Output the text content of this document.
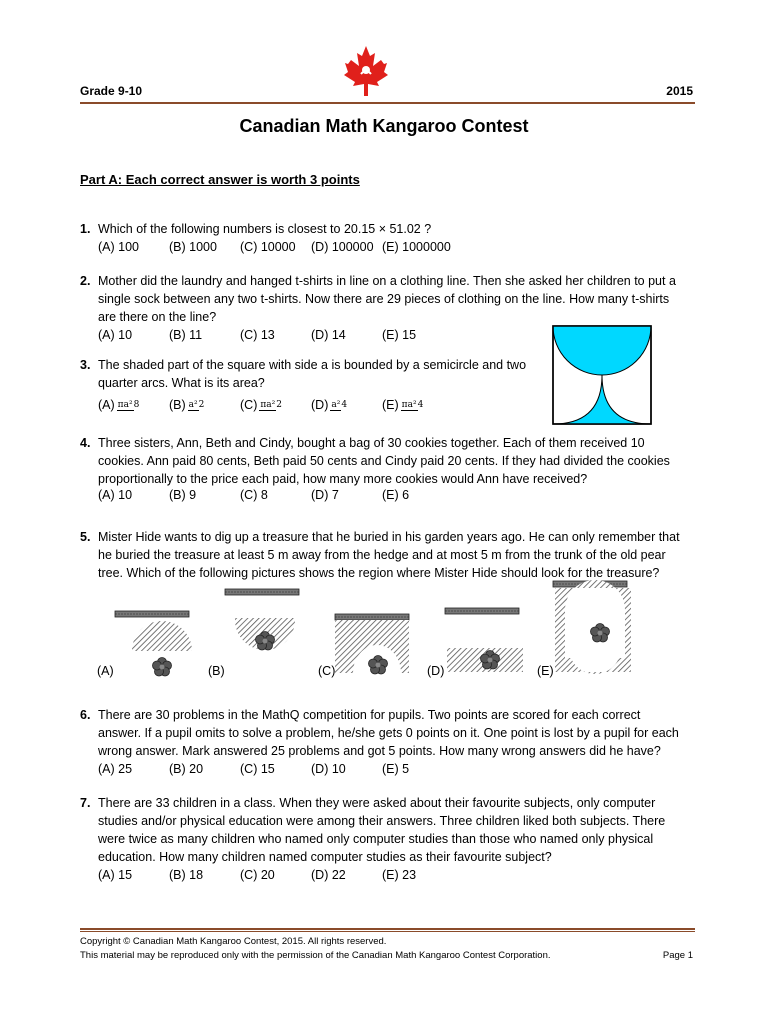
Grade 9-10	2015
Canadian Math Kangaroo Contest
Part A: Each correct answer is worth 3 points
1. Which of the following numbers is closest to 20.15 × 51.02 ?
(A) 100	(B) 1000	(C) 10000	(D) 100000 (E) 1000000
2. Mother did the laundry and hanged t-shirts in line on a clothing line. Then she asked her children to put a
single sock between any two t-shirts. Now there are 29 pieces of clothing on the line. How many t-shirts
are there on the line?
(A) 10	(B) 11	(C) 13	(D) 14	(E) 15
3. The shaded part of the square with side a is bounded by a semicircle and two
quarter arcs. What is its area?
(A) πa²8	(B) a²2	(C) πa²2	(D) a²4	(E) πa²4
4. Three sisters, Ann, Beth and Cindy, bought a bag of 30 cookies together. Each of them received 10
cookies. Ann paid 80 cents, Beth paid 50 cents and Cindy paid 20 cents. If they had divided the cookies
proportionally to the price each paid, how many more cookies would Ann have received?
(A) 10	(B) 9	(C) 8	(D) 7	(E) 6
5. Mister Hide wants to dig up a treasure that he buried in his garden years ago. He can only remember that
he buried the treasure at least 5 m away from the hedge and at most 5 m from the trunk of the old pear
tree. Which of the following pictures shows the region where Mister Hide should look for the treasure?
(A)	(B)	(C)	(D)	(E)
6. There are 30 problems in the MathQ competition for pupils. Two points are scored for each correct
answer. If a pupil omits to solve a problem, he/she gets 0 points on it. One point is lost by a pupil for each
wrong answer. Mark answered 25 problems and got 5 points. How many wrong answers did he have?
(A) 25	(B) 20	(C) 15	(D) 10	(E) 5
7. There are 33 children in a class. When they were asked about their favourite subjects, only computer
studies and/or physical education were among their answers. Three children liked both subjects. There
were twice as many children who named only computer studies than those who named only physical
education. How many children named computer studies as their favourite subject?
(A) 15	(B) 18	(C) 20	(D) 22	(E) 23
Copyright © Canadian Math Kangaroo Contest, 2015. All rights reserved.
This material may be reproduced only with the permission of the Canadian Math Kangaroo Contest Corporation.	Page 1
